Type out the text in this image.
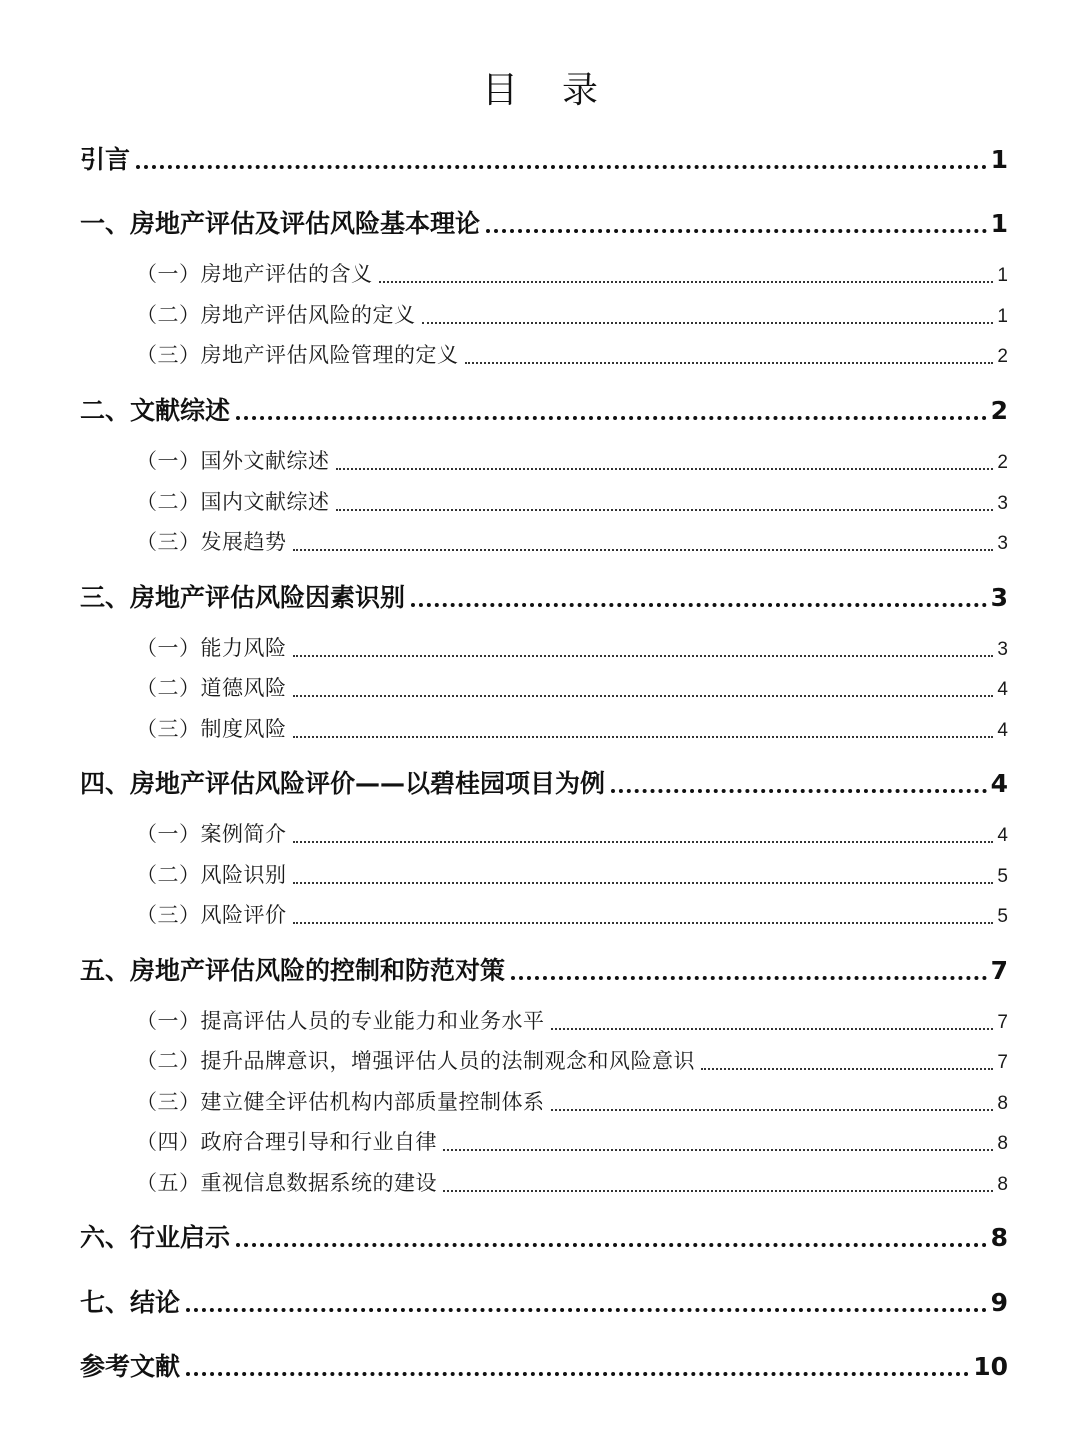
目 录
引言	1
一、房地产评估及评估风险基本理论	1
（一）房地产评估的含义	1
（二）房地产评估风险的定义	1
（三）房地产评估风险管理的定义	2
二、文献综述	2
（一）国外文献综述	2
（二）国内文献综述	3
（三）发展趋势	3
三、房地产评估风险因素识别	3
（一）能力风险	3
（二）道德风险	4
（三）制度风险	4
四、房地产评估风险评价——以碧桂园项目为例	4
（一）案例简介	4
（二）风险识别	5
（三）风险评价	5
五、房地产评估风险的控制和防范对策	7
（一）提高评估人员的专业能力和业务水平	7
（二）提升品牌意识，增强评估人员的法制观念和风险意识	7
（三）建立健全评估机构内部质量控制体系	8
（四）政府合理引导和行业自律	8
（五）重视信息数据系统的建设	8
六、行业启示	8
七、结论	9
参考文献	10
